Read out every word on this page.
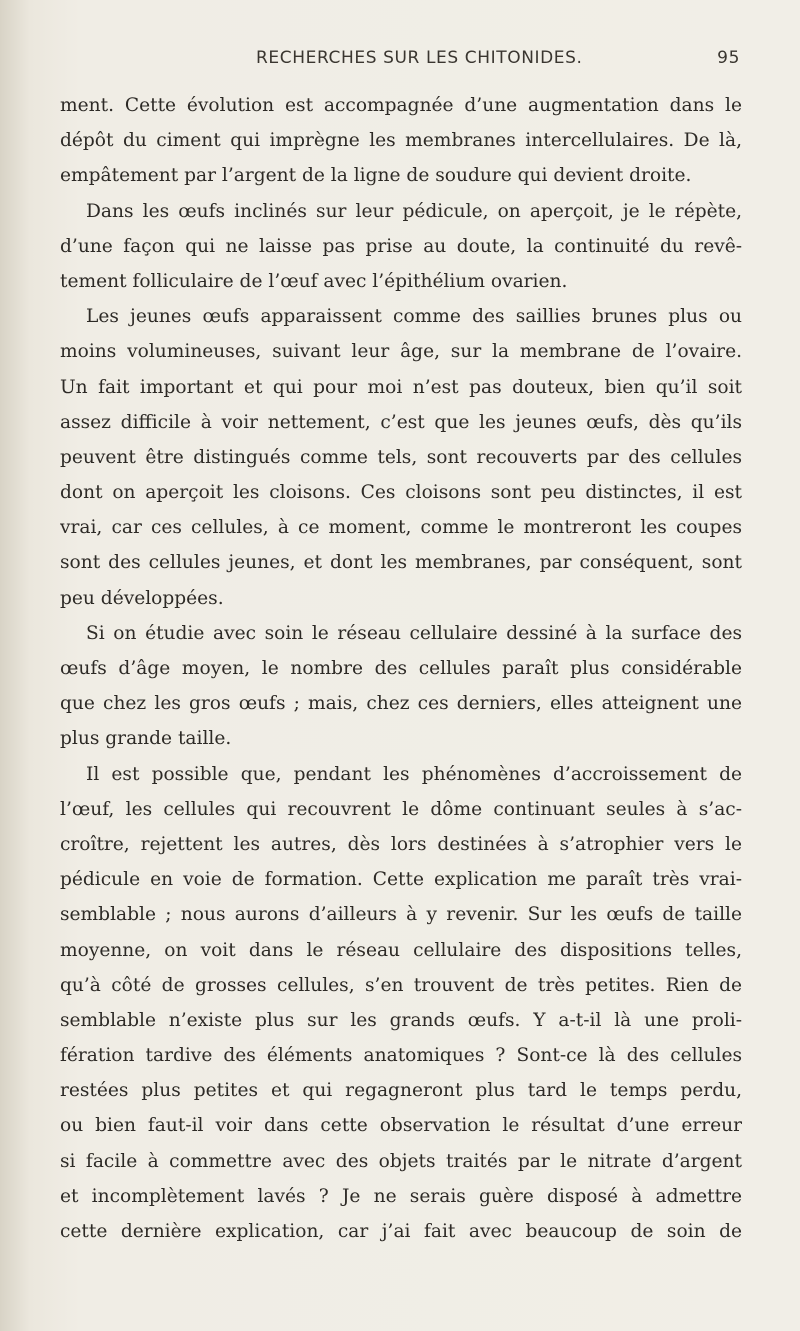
RECHERCHES SUR LES CHITONIDES.	95
ment. Cette évolution est accompagnée d’une augmentation dans le
dépôt du ciment qui imprègne les membranes intercellulaires. De là,
empâtement par l’argent de la ligne de soudure qui devient droite.
Dans les œufs inclinés sur leur pédicule, on aperçoit, je le répète,
d’une façon qui ne laisse pas prise au doute, la continuité du revê-
tement folliculaire de l’œuf avec l’épithélium ovarien.
Les jeunes œufs apparaissent comme des saillies brunes plus ou
moins volumineuses, suivant leur âge, sur la membrane de l’ovaire.
Un fait important et qui pour moi n’est pas douteux, bien qu’il soit
assez difficile à voir nettement, c’est que les jeunes œufs, dès qu’ils
peuvent être distingués comme tels, sont recouverts par des cellules
dont on aperçoit les cloisons. Ces cloisons sont peu distinctes, il est
vrai, car ces cellules, à ce moment, comme le montreront les coupes
sont des cellules jeunes, et dont les membranes, par conséquent, sont
peu développées.
Si on étudie avec soin le réseau cellulaire dessiné à la surface des
œufs d’âge moyen, le nombre des cellules paraît plus considérable
que chez les gros œufs ; mais, chez ces derniers, elles atteignent une
plus grande taille.
Il est possible que, pendant les phénomènes d’accroissement de
l’œuf, les cellules qui recouvrent le dôme continuant seules à s’ac-
croître, rejettent les autres, dès lors destinées à s’atrophier vers le
pédicule en voie de formation. Cette explication me paraît très vrai-
semblable ; nous aurons d’ailleurs à y revenir. Sur les œufs de taille
moyenne, on voit dans le réseau cellulaire des dispositions telles,
qu’à côté de grosses cellules, s’en trouvent de très petites. Rien de
semblable n’existe plus sur les grands œufs. Y a-t-il là une proli-
fération tardive des éléments anatomiques ? Sont-ce là des cellules
restées plus petites et qui regagneront plus tard le temps perdu,
ou bien faut-il voir dans cette observation le résultat d’une erreur
si facile à commettre avec des objets traités par le nitrate d’argent
et incomplètement lavés ? Je ne serais guère disposé à admettre
cette dernière explication, car j’ai fait avec beaucoup de soin de
